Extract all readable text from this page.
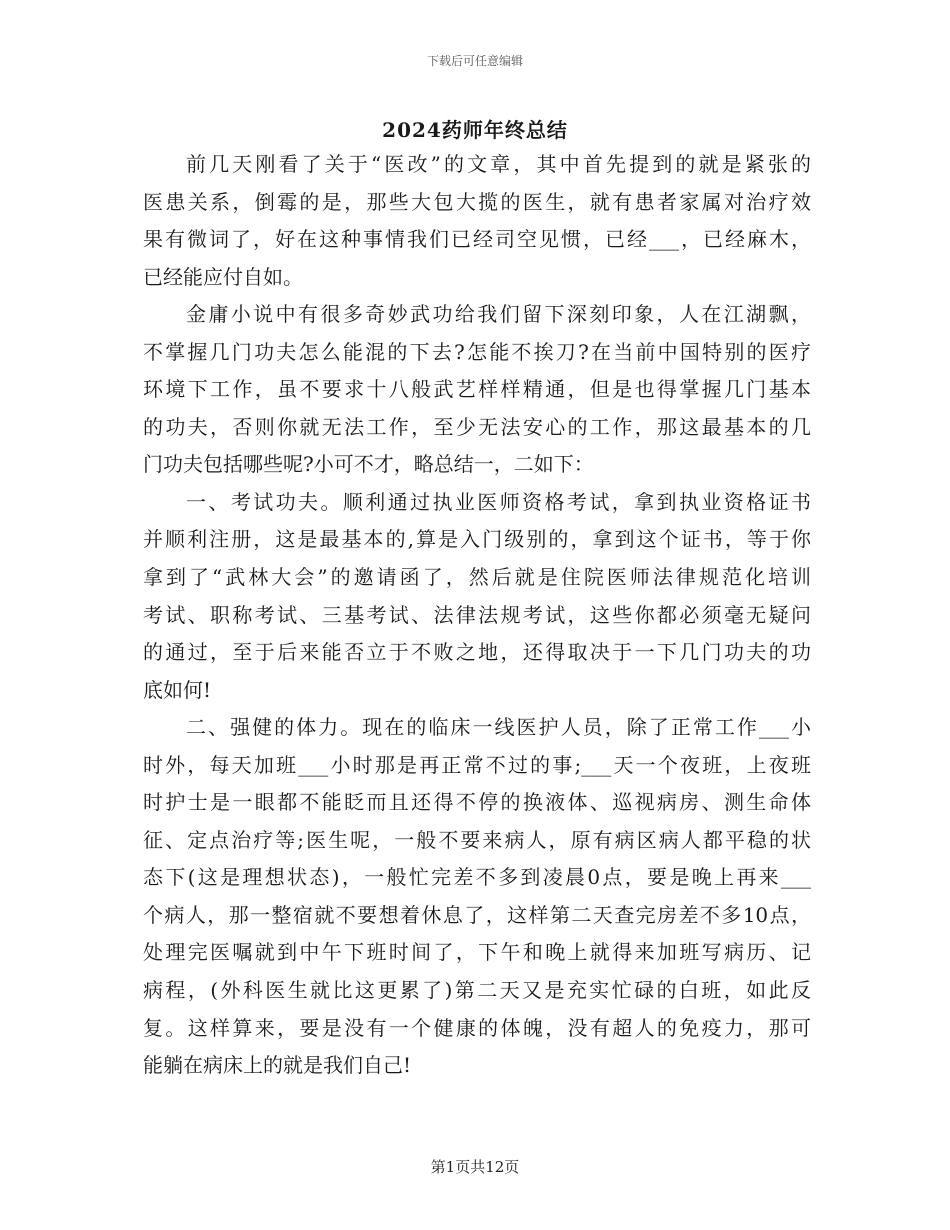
下载后可任意编辑
2024药师年终总结
前几天刚看了关于“医改”的文章，其中首先提到的就是紧张的
医患关系，倒霉的是，那些大包大揽的医生，就有患者家属对治疗效
果有微词了，好在这种事情我们已经司空见惯，已经___，已经麻木，
已经能应付自如。
金庸小说中有很多奇妙武功给我们留下深刻印象，人在江湖飘，
不掌握几门功夫怎么能混的下去?怎能不挨刀?在当前中国特别的医疗
环境下工作，虽不要求十八般武艺样样精通，但是也得掌握几门基本
的功夫，否则你就无法工作，至少无法安心的工作，那这最基本的几
门功夫包括哪些呢?小可不才，略总结一，二如下：
一、考试功夫。顺利通过执业医师资格考试，拿到执业资格证书
并顺利注册，这是最基本的,算是入门级别的，拿到这个证书，等于你
拿到了“武林大会”的邀请函了，然后就是住院医师法律规范化培训
考试、职称考试、三基考试、法律法规考试，这些你都必须毫无疑问
的通过，至于后来能否立于不败之地，还得取决于一下几门功夫的功
底如何!
二、强健的体力。现在的临床一线医护人员，除了正常工作___小
时外，每天加班___小时那是再正常不过的事;___天一个夜班，上夜班
时护士是一眼都不能眨而且还得不停的换液体、巡视病房、测生命体
征、定点治疗等;医生呢，一般不要来病人，原有病区病人都平稳的状
态下(这是理想状态)，一般忙完差不多到凌晨0点，要是晚上再来___
个病人，那一整宿就不要想着休息了，这样第二天查完房差不多10点，
处理完医嘱就到中午下班时间了，下午和晚上就得来加班写病历、记
病程，(外科医生就比这更累了)第二天又是充实忙碌的白班，如此反
复。这样算来，要是没有一个健康的体魄，没有超人的免疫力，那可
能躺在病床上的就是我们自己!
第1页共12页
